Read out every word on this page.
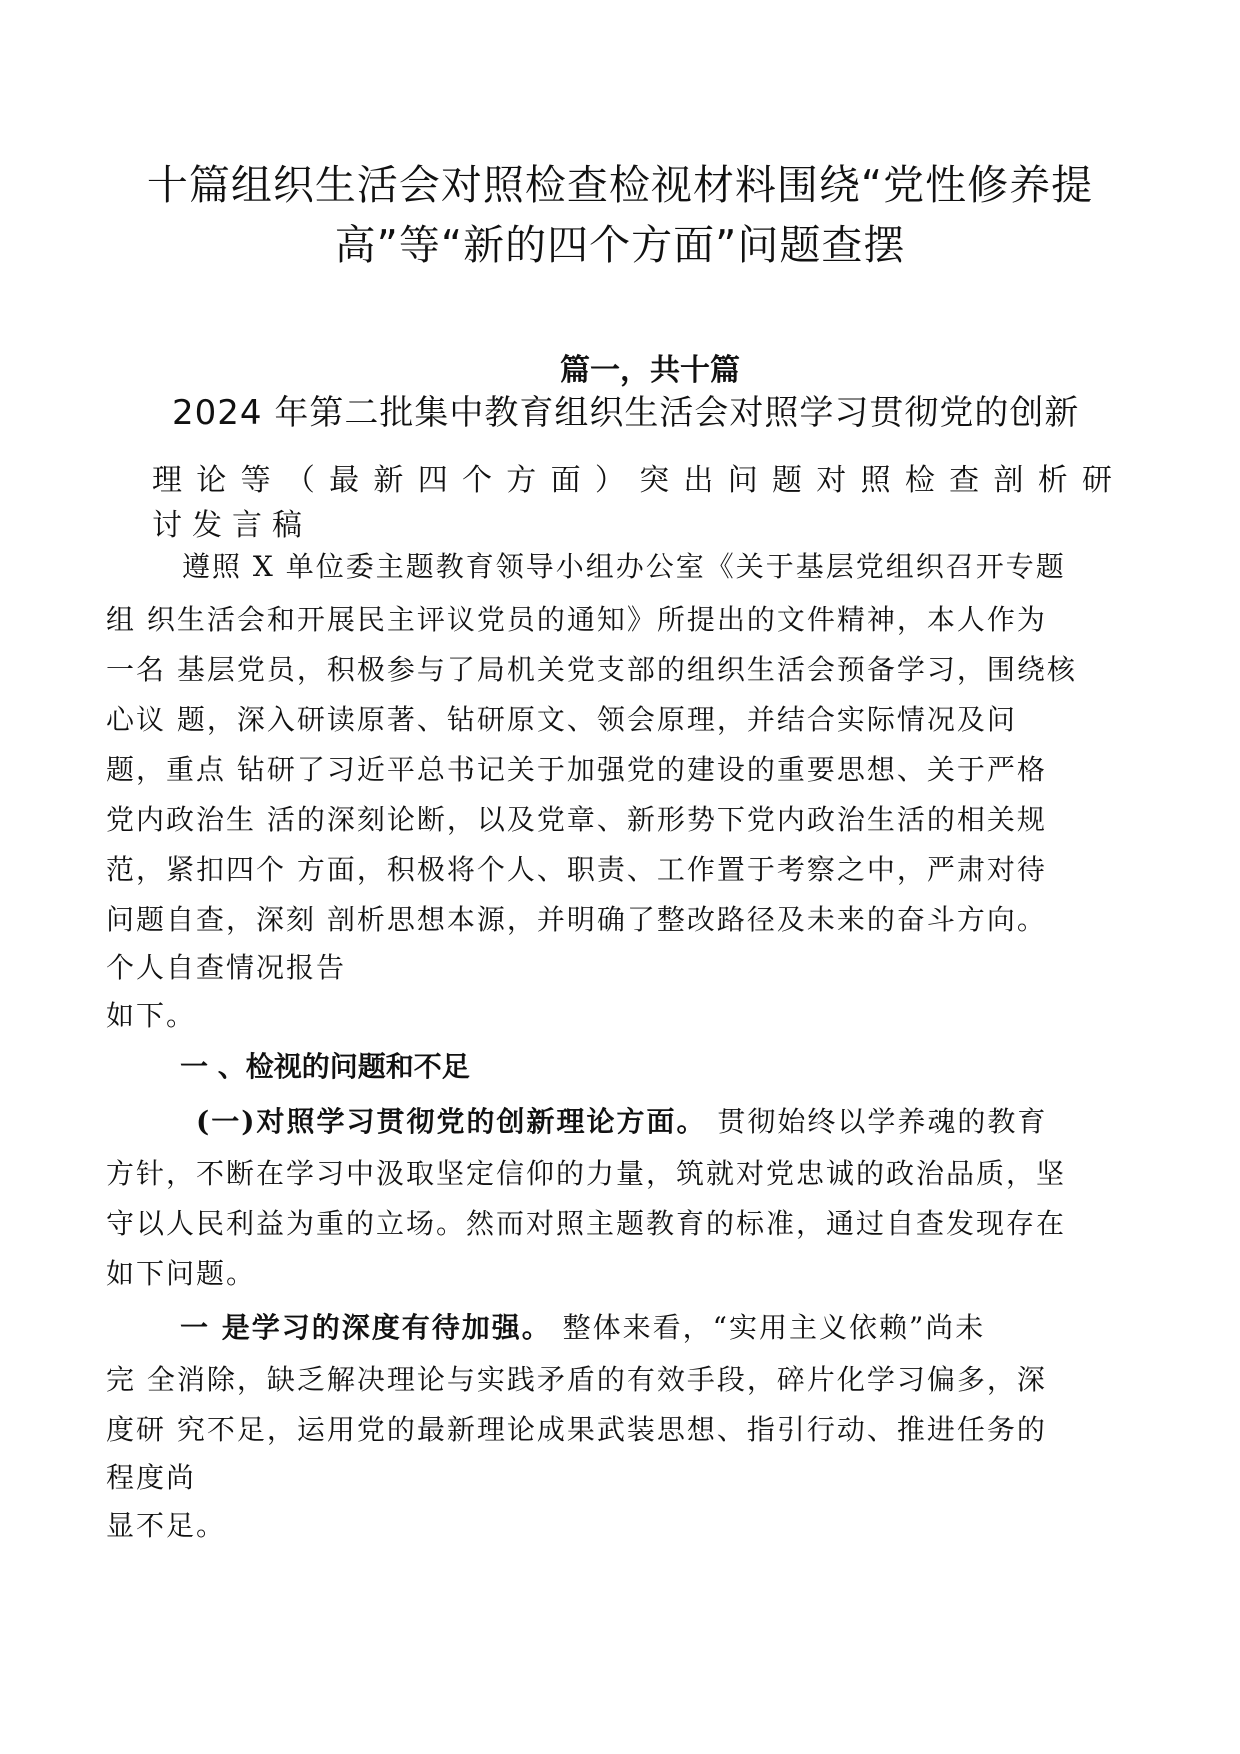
十篇组织生活会对照检查检视材料围绕“党性修养提
高”等“新的四个方面”问题查摆
篇一，共十篇
2024 年第二批集中教育组织生活会对照学习贯彻党的创新
理论等（最新四个方面）突出问题对照检查剖析研
讨发言稿
遵照 X 单位委主题教育领导小组办公室《关于基层党组织召开专题
组 织生活会和开展民主评议党员的通知》所提出的文件精神，本人作为
一名 基层党员，积极参与了局机关党支部的组织生活会预备学习，围绕核
心议 题，深入研读原著、钻研原文、领会原理，并结合实际情况及问
题，重点 钻研了习近平总书记关于加强党的建设的重要思想、关于严格
党内政治生 活的深刻论断，以及党章、新形势下党内政治生活的相关规
范，紧扣四个 方面，积极将个人、职责、工作置于考察之中，严肃对待
问题自查，深刻 剖析思想本源，并明确了整改路径及未来的奋斗方向。
个人自查情况报告
如下。
一 、检视的问题和不足
(一)对照学习贯彻党的创新理论方面。 贯彻始终以学养魂的教育
方针，不断在学习中汲取坚定信仰的力量，筑就对党忠诚的政治品质，坚
守以人民利益为重的立场。然而对照主题教育的标准，通过自查发现存在
如下问题。
一 是学习的深度有待加强。 整体来看，“实用主义依赖”尚未
完 全消除，缺乏解决理论与实践矛盾的有效手段，碎片化学习偏多，深
度研 究不足，运用党的最新理论成果武装思想、指引行动、推进任务的
程度尚
显不足。
